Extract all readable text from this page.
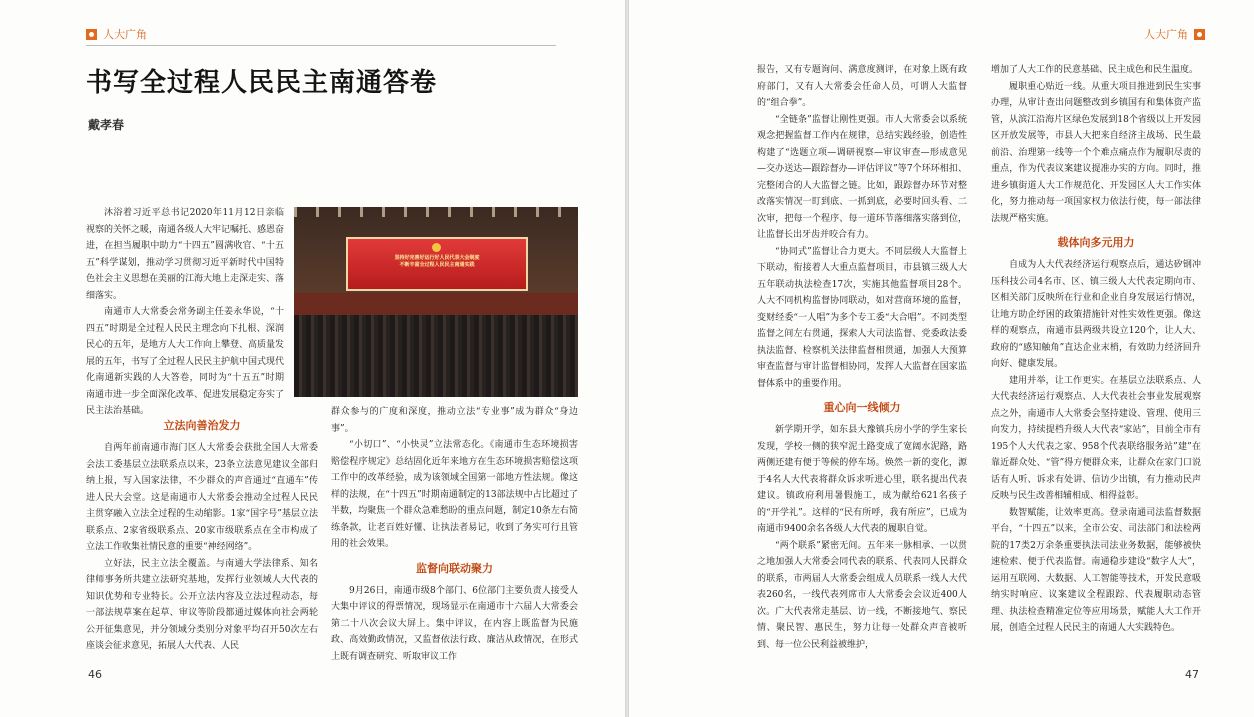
人大广角
书写全过程人民民主南通答卷
戴孝春

沐浴着习近平总书记2020年11月12日亲临视察的关怀之暖，南通各级人大牢记嘱托、感恩奋进，在担当履职中助力“十四五”圆满收官、“十五五”科学谋划，推动学习贯彻习近平新时代中国特色社会主义思想在美丽的江海大地上走深走实、落细落实。

南通市人大常委会常务副主任姜永华说，“十四五”时期是全过程人民民主理念向下扎根、深润民心的五年，是地方人大工作向上攀登、高质量发展的五年，书写了全过程人民民主护航中国式现代化南通新实践的人大答卷，同时为“十五五”时期南通市进一步全面深化改革、促进发展稳定夯实了民主法治基础。

立法向善治发力

自两年前南通市海门区人大常委会获批全国人大常委会法工委基层立法联系点以来，23条立法意见建议全部归纳上报，写入国家法律，不少群众的声音通过“直通车”传进人民大会堂。这是南通市人大常委会推动全过程人民民主贯穿融入立法全过程的生动缩影。1家“国字号”基层立法联系点、2家省级联系点、20家市级联系点在全市构成了立法工作收集社情民意的重要“神经网络”。

立好法，民主立法全覆盖。与南通大学法律系、知名律师事务所共建立法研究基地，发挥行业领域人大代表的知识优势和专业特长。公开立法内容及立法过程动态，每一部法规草案在起草、审议等阶段都通过媒体向社会两轮公开征集意见，并分领域分类别分对象平均召开50次左右座谈会征求意见，拓展人大代表、人民

坚持好完善好运行好人民代表大会制度
不断丰富全过程人民民主南通实践

群众参与的广度和深度，推动立法“专业事”成为群众“身边事”。

“小切口”、“小快灵”立法常态化。《南通市生态环境损害赔偿程序规定》总结固化近年来地方在生态环境损害赔偿这项工作中的改革经验，成为该领域全国第一部地方性法规。像这样的法规，在“十四五”时期南通制定的13部法规中占比超过了半数，均聚焦一个群众急难愁盼的重点问题，制定10条左右简练条款，让老百姓好懂、让执法者易记，收到了务实可行且管用的社会效果。

监督向联动聚力

9月26日，南通市级8个部门、6位部门主要负责人接受人大集中评议的得票情况，现场显示在南通市十六届人大常委会第二十八次会议大屏上。集中评议，在内容上既监督为民施政、高效勤政情况，又监督依法行政、廉洁从政情况，在形式上既有调查研究、听取审议工作

46
人大广角

报告，又有专题询问、满意度测评，在对象上既有政府部门，又有人大常委会任命人员，可谓人大监督的“组合拳”。

“全链条”监督让刚性更强。市人大常委会以系统观念把握监督工作内在规律，总结实践经验，创造性构建了“选题立项—调研视察—审议审查—形成意见—交办送达—跟踪督办—评估评议”等7个环环相扣、完整闭合的人大监督之链。比如，跟踪督办环节对整改落实情况一盯到底、一抓到底，必要时回头看、二次审，把每一个程序、每一道环节落细落实落到位，让监督长出牙齿并咬合有力。

“协同式”监督让合力更大。不同层级人大监督上下联动，衔接着人大重点监督项目，市县镇三级人大五年联动执法检查17次，实施其他监督项目28个。人大不同机构监督协同联动，如对营商环境的监督，变财经委“一人唱”为多个专工委“大合唱”。不同类型监督之间左右贯通，探索人大司法监督、党委政法委执法监督、检察机关法律监督相贯通，加强人大预算审查监督与审计监督相协同，发挥人大监督在国家监督体系中的重要作用。

重心向一线倾力

新学期开学，如东县大豫镇兵房小学的学生家长发现，学校一侧的狭窄泥土路变成了宽阔水泥路，路两侧还建有便于等候的停车场。焕然一新的变化，源于4名人大代表将群众诉求听进心里，联名提出代表建议。镇政府利用暑假施工，成为献给621名孩子的“开学礼”。这样的“民有所呼，我有所应”，已成为南通市9400余名各级人大代表的履职自觉。

“两个联系”紧密无间。五年来一脉相承、一以贯之地加强人大常委会同代表的联系、代表同人民群众的联系，市两届人大常委会组成人员联系一线人大代表260名，一线代表列席市人大常委会会议近400人次。广大代表常走基层、访一线，不断接地气、察民情、聚民智、惠民生，努力让每一处群众声音被听到、每一位公民利益被维护，

增加了人大工作的民意基础、民主成色和民生温度。

履职重心贴近一线。从重大项目推进到民生实事办理，从审计查出问题整改到乡镇国有和集体资产监管，从滨江沿海片区绿色发展到18个省级以上开发园区开放发展等，市县人大把来自经济主战场、民生最前沿、治理第一线等一个个难点痛点作为履职尽责的重点，作为代表议案建议提准办实的方向。同时，推进乡镇街道人大工作规范化、开发园区人大工作实体化，努力推动每一项国家权力依法行使，每一部法律法规严格实施。

载体向多元用力

自成为人大代表经济运行观察点后，通达矽钢冲压科技公司4名市、区、镇三级人大代表定期向市、区相关部门反映所在行业和企业自身发展运行情况，让地方助企纾困的政策措施针对性实效性更强。像这样的观察点，南通市县两级共设立120个，让人大、政府的“感知触角”直达企业末梢，有效助力经济回升向好、健康发展。

建用并举，让工作更实。在基层立法联系点、人大代表经济运行观察点、人大代表社会事业发展观察点之外，南通市人大常委会坚持建设、管理、使用三向发力，持续提档升级人大代表“家站”，目前全市有195个人大代表之家、958个代表联络服务站”建”在靠近群众处、“管”得方便群众来，让群众在家门口说话有人听、诉求有处讲、信访少出镇，有力推动民声反映与民生改善相辅相成、相得益彰。

数智赋能，让效率更高。登录南通司法监督数据平台，“十四五”以来，全市公安、司法部门和法检两院的17类2万余条重要执法司法业务数据，能够被快速检索、便于代表监督。南通稳步建设“数字人大”，运用互联网、大数据、人工智能等技术，开发民意吸纳实时响应、议案建议全程跟踪、代表履职动态管理、执法检查精准定位等应用场景，赋能人大工作开展，创造全过程人民民主的南通人大实践特色。

47
